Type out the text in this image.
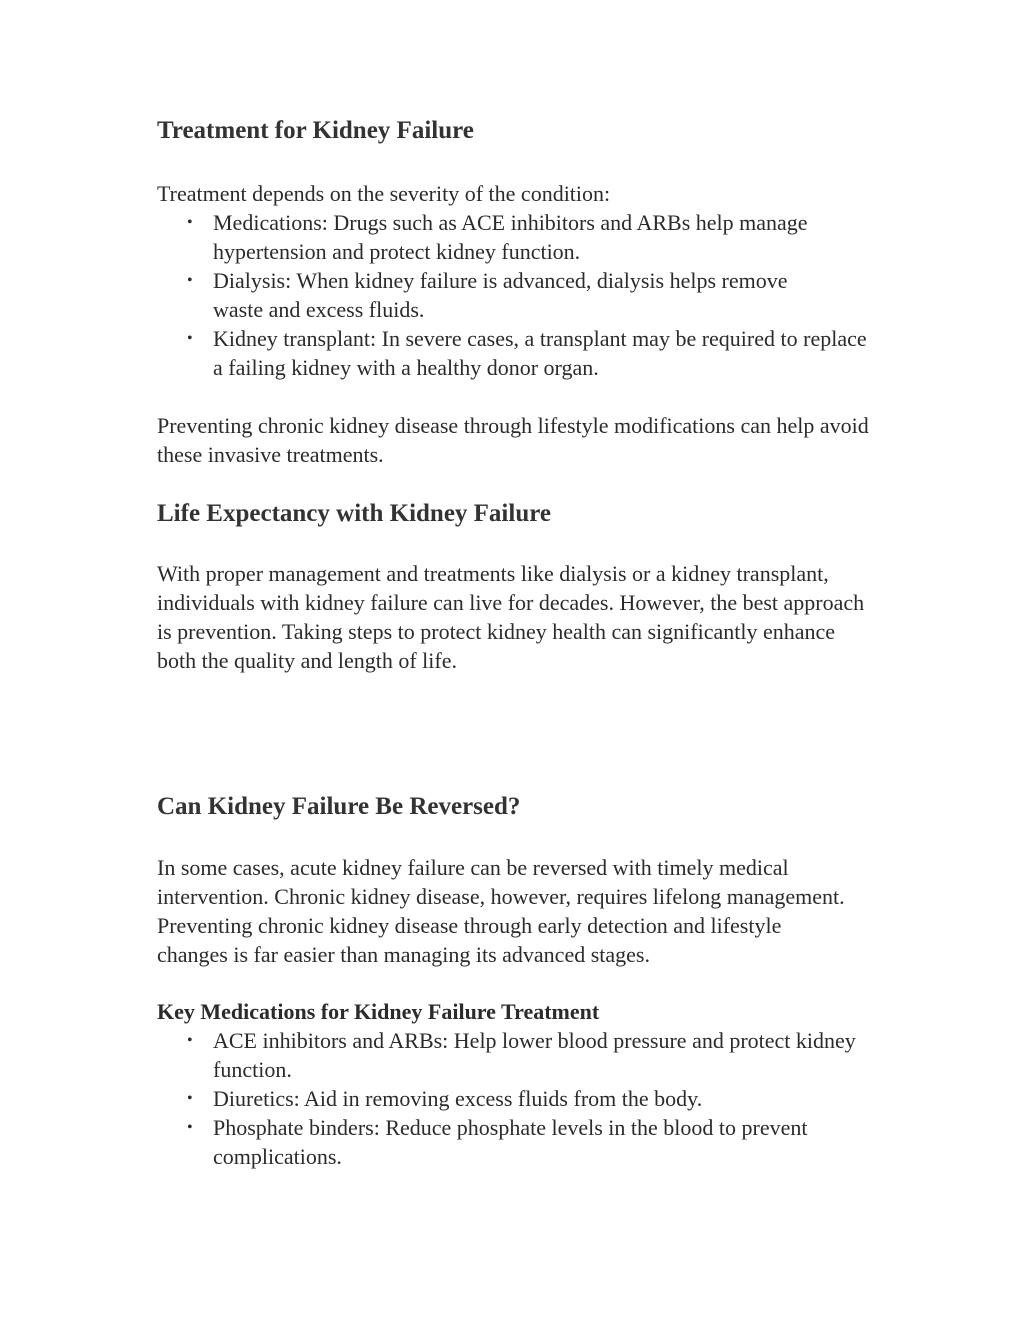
Treatment for Kidney Failure

Treatment depends on the severity of the condition:

• Medications: Drugs such as ACE inhibitors and ARBs help manage hypertension and protect kidney function.
• Dialysis: When kidney failure is advanced, dialysis helps remove waste and excess fluids.
• Kidney transplant: In severe cases, a transplant may be required to replace a failing kidney with a healthy donor organ.

Preventing chronic kidney disease through lifestyle modifications can help avoid these invasive treatments.

Life Expectancy with Kidney Failure

With proper management and treatments like dialysis or a kidney transplant, individuals with kidney failure can live for decades. However, the best approach is prevention. Taking steps to protect kidney health can significantly enhance both the quality and length of life.

Can Kidney Failure Be Reversed?

In some cases, acute kidney failure can be reversed with timely medical intervention. Chronic kidney disease, however, requires lifelong management. Preventing chronic kidney disease through early detection and lifestyle changes is far easier than managing its advanced stages.

Key Medications for Kidney Failure Treatment
• ACE inhibitors and ARBs: Help lower blood pressure and protect kidney function.
• Diuretics: Aid in removing excess fluids from the body.
• Phosphate binders: Reduce phosphate levels in the blood to prevent complications.
